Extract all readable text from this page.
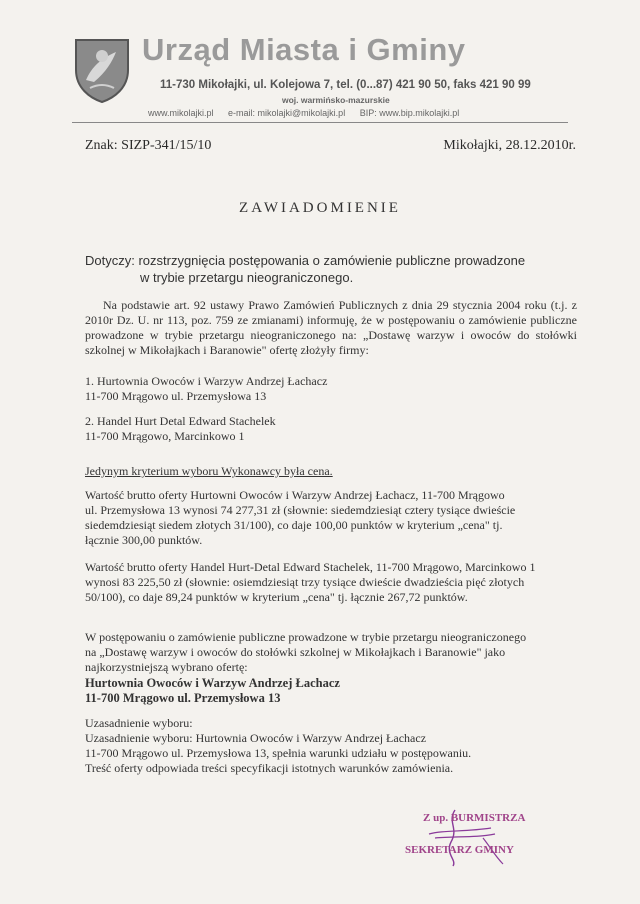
Urząd Miasta i Gminy
11-730 Mikołajki, ul. Kolejowa 7, tel. (0...87) 421 90 50, faks 421 90 99
woj. warmińsko-mazurskie
www.mikolajki.pl e-mail: mikolajki@mikolajki.pl BIP: www.bip.mikolajki.pl
Znak: SIZP-341/15/10	Mikołajki, 28.12.2010r.
ZAWIADOMIENIE
Dotyczy: rozstrzygnięcia postępowania o zamówienie publiczne prowadzone
w trybie przetargu nieograniczonego.
Na podstawie art. 92 ustawy Prawo Zamówień Publicznych z dnia 29 stycznia 2004 roku (t.j. z 2010r Dz. U. nr 113, poz. 759 ze zmianami) informuję, że w postępowaniu o zamówienie publiczne prowadzone w trybie przetargu nieograniczonego na: „Dostawę warzyw i owoców do stołówki szkolnej w Mikołajkach i Baranowie" ofertę złożyły firmy:
1. Hurtownia Owoców i Warzyw Andrzej Łachacz
11-700 Mrągowo ul. Przemysłowa 13
2. Handel Hurt Detal Edward Stachelek
11-700 Mrągowo, Marcinkowo 1
Jedynym kryterium wyboru Wykonawcy była cena.
Wartość brutto oferty Hurtowni Owoców i Warzyw Andrzej Łachacz, 11-700 Mrągowo
ul. Przemysłowa 13 wynosi 74 277,31 zł (słownie: siedemdziesiąt cztery tysiące dwieście
siedemdziesiąt siedem złotych 31/100), co daje 100,00 punktów w kryterium „cena" tj.
łącznie 300,00 punktów.
Wartość brutto oferty Handel Hurt-Detal Edward Stachelek, 11-700 Mrągowo, Marcinkowo 1
wynosi 83 225,50 zł (słownie: osiemdziesiąt trzy tysiące dwieście dwadzieścia pięć złotych
50/100), co daje 89,24 punktów w kryterium „cena" tj. łącznie 267,72 punktów.
W postępowaniu o zamówienie publiczne prowadzone w trybie przetargu nieograniczonego
na „Dostawę warzyw i owoców do stołówki szkolnej w Mikołajkach i Baranowie" jako
najkorzystniejszą wybrano ofertę:
Hurtownia Owoców i Warzyw Andrzej Łachacz
11-700 Mrągowo ul. Przemysłowa 13
Uzasadnienie wyboru:
Uzasadnienie wyboru: Hurtownia Owoców i Warzyw Andrzej Łachacz
11-700 Mrągowo ul. Przemysłowa 13, spełnia warunki udziału w postępowaniu.
Treść oferty odpowiada treści specyfikacji istotnych warunków zamówienia.
Z up. BURMISTRZA
SEKRETARZ GMINY
